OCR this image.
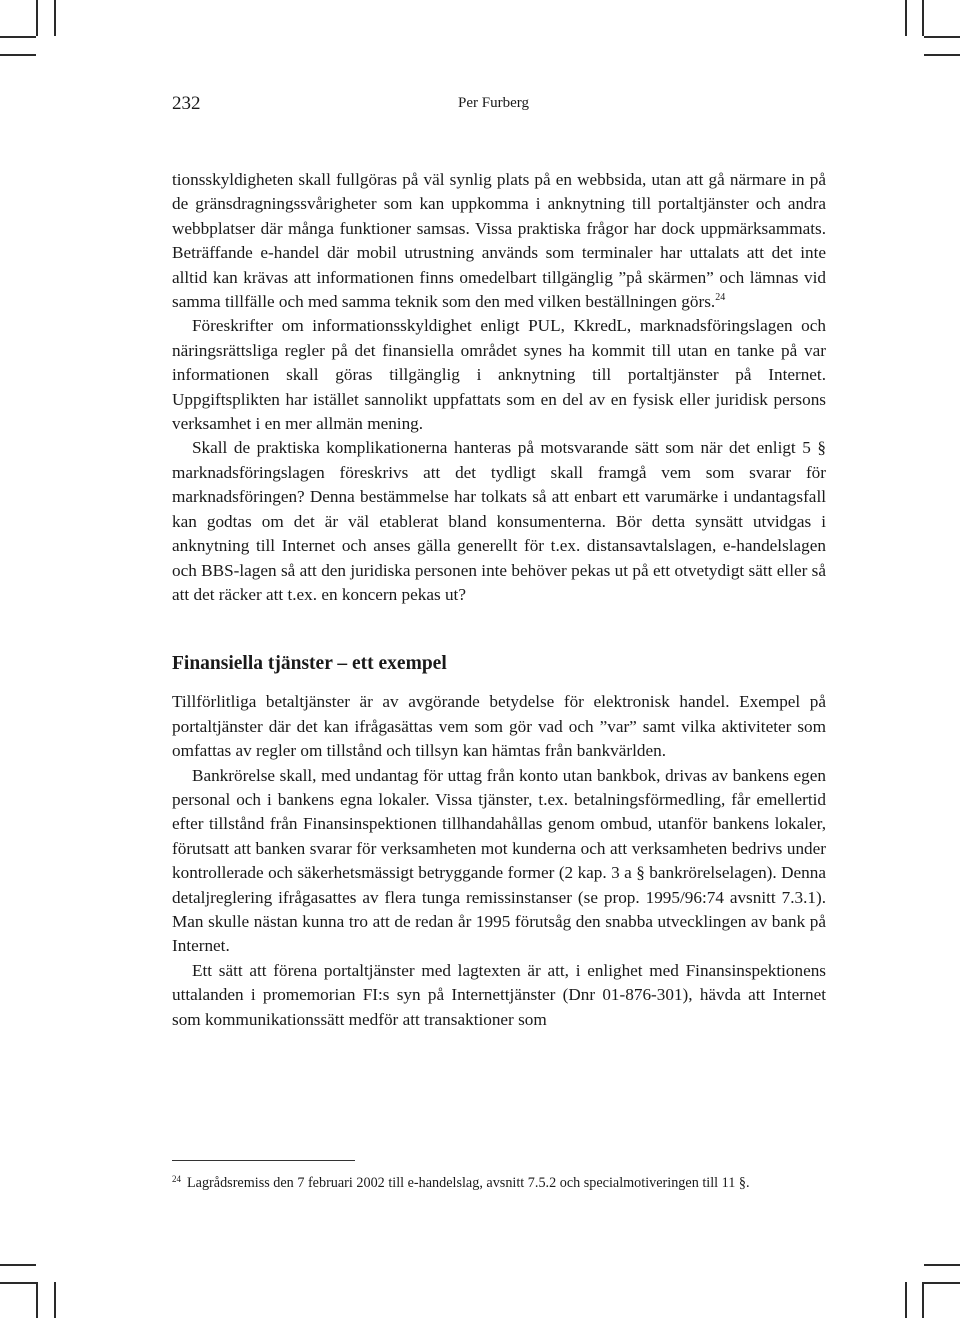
232	Per Furberg

tionsskyldigheten skall fullgöras på väl synlig plats på en webbsida, utan att gå närmare in på de gränsdragningssvårigheter som kan uppkomma i anknytning till portaltjänster och andra webbplatser där många funktioner samsas. Vissa praktiska frågor har dock uppmärksammats. Beträffande e-handel där mobil utrustning används som terminaler har uttalats att det inte alltid kan krävas att informationen finns omedelbart tillgänglig ”på skärmen” och lämnas vid samma tillfälle och med samma teknik som den med vilken beställningen görs.$^{24}$

Föreskrifter om informationsskyldighet enligt PUL, KkredL, marknadsföringslagen och näringsrättsliga regler på det finansiella området synes ha kommit till utan en tanke på var informationen skall göras tillgänglig i anknytning till portaltjänster på Internet. Uppgiftsplikten har istället sannolikt uppfattats som en del av en fysisk eller juridisk persons verksamhet i en mer allmän mening.

Skall de praktiska komplikationerna hanteras på motsvarande sätt som när det enligt 5 § marknadsföringslagen föreskrivs att det tydligt skall framgå vem som svarar för marknadsföringen? Denna bestämmelse har tolkats så att enbart ett varumärke i undantagsfall kan godtas om det är väl etablerat bland konsumenterna. Bör detta synsätt utvidgas i anknytning till Internet och anses gälla generellt för t.ex. distansavtalslagen, e-handelslagen och BBS-lagen så att den juridiska personen inte behöver pekas ut på ett otvetydigt sätt eller så att det räcker att t.ex. en koncern pekas ut?

Finansiella tjänster – ett exempel

Tillförlitliga betaltjänster är av avgörande betydelse för elektronisk handel. Exempel på portaltjänster där det kan ifrågasättas vem som gör vad och ”var” samt vilka aktiviteter som omfattas av regler om tillstånd och tillsyn kan hämtas från bankvärlden.

Bankrörelse skall, med undantag för uttag från konto utan bankbok, drivas av bankens egen personal och i bankens egna lokaler. Vissa tjänster, t.ex. betalningsförmedling, får emellertid efter tillstånd från Finansinspektionen tillhandahållas genom ombud, utanför bankens lokaler, förutsatt att banken svarar för verksamheten mot kunderna och att verksamheten bedrivs under kontrollerade och säkerhetsmässigt betryggande former (2 kap. 3 a § bankrörelselagen). Denna detaljreglering ifrågasattes av flera tunga remissinstanser (se prop. 1995/96:74 avsnitt 7.3.1). Man skulle nästan kunna tro att de redan år 1995 förutsåg den snabba utvecklingen av bank på Internet.

Ett sätt att förena portaltjänster med lagtexten är att, i enlighet med Finansinspektionens uttalanden i promemorian FI:s syn på Internettjänster (Dnr 01-876-301), hävda att Internet som kommunikationssätt medför att transaktioner som

$^{24}$ Lagrådsremiss den 7 februari 2002 till e-handelslag, avsnitt 7.5.2 och specialmotiveringen till 11 §.
